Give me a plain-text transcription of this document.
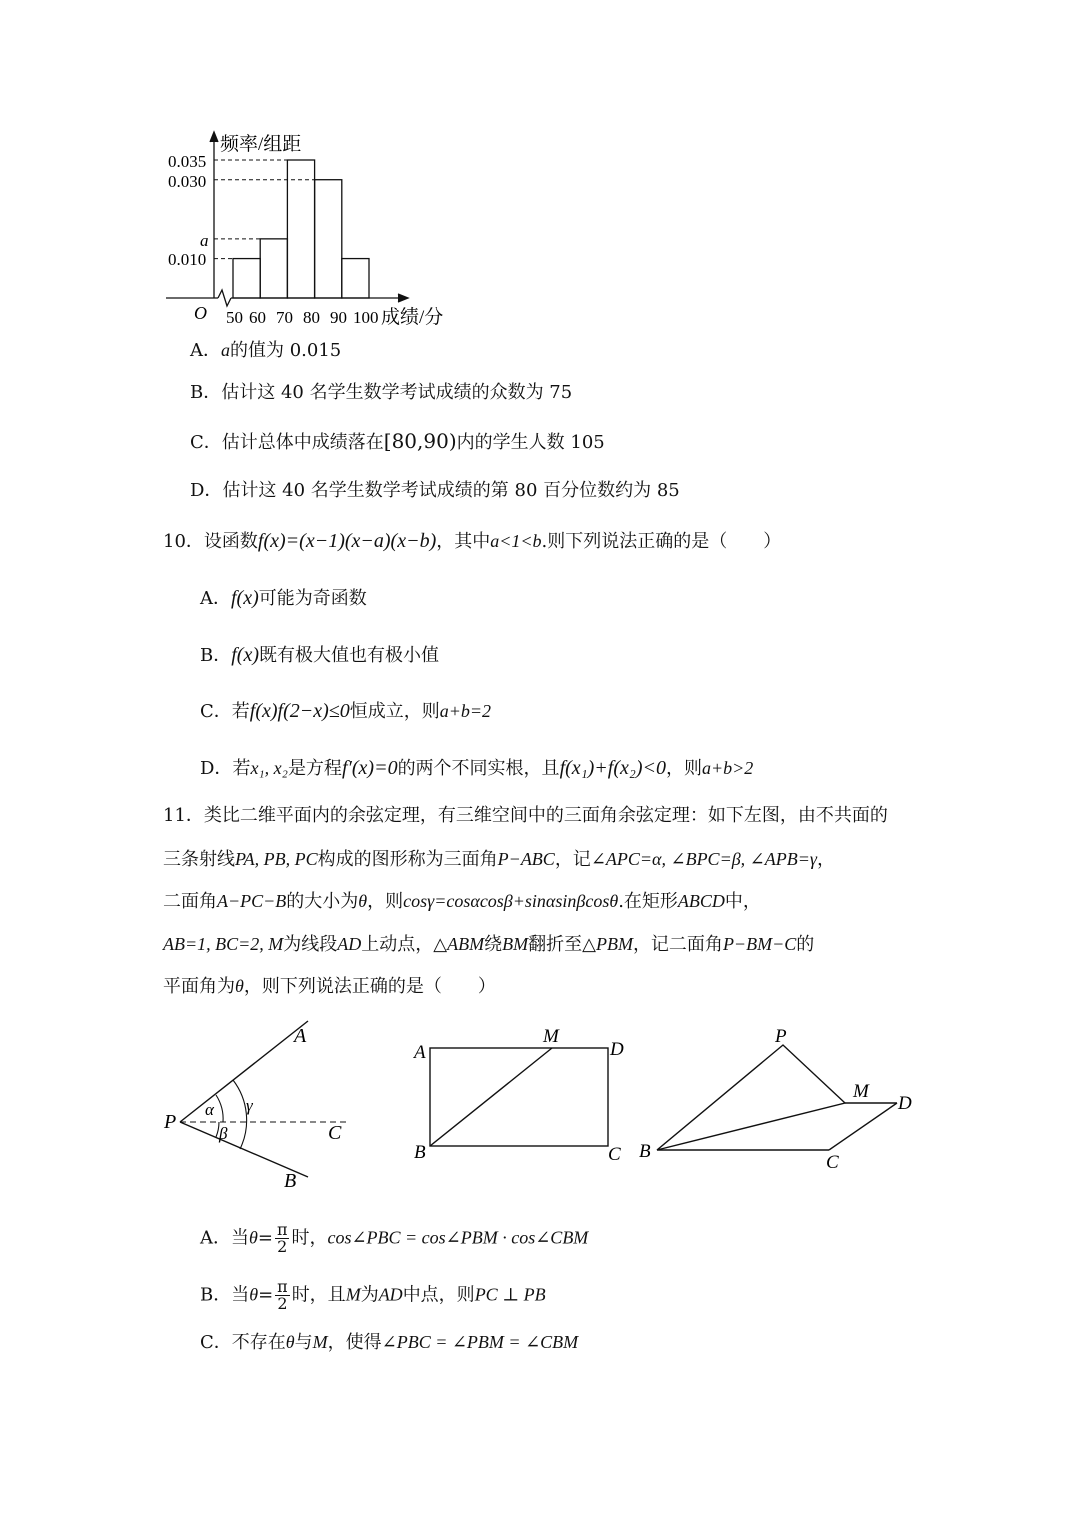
频率/组距
0.035
0.030
a
0.010
O 50 60 70 80 90 100 成绩/分
A．a的值为 0.015
B．估计这 40 名学生数学考试成绩的众数为 75
C．估计总体中成绩落在[80,90)内的学生人数 105
D．估计这 40 名学生数学考试成绩的第 80 百分位数约为 85
10．设函数f(x)=(x−1)(x−a)(x−b)，其中a<1<b.则下列说法正确的是（　　）
A．f(x)可能为奇函数
B．f(x)既有极大值也有极小值
C．若f(x)f(2−x)≤0恒成立，则a+b=2
D．若x₁, x₂是方程f′(x)=0的两个不同实根，且f(x₁)+f(x₂)<0，则a+b>2
11．类比二维平面内的余弦定理，有三维空间中的三面角余弦定理：如下左图，由不共面的
三条射线PA, PB, PC构成的图形称为三面角P−ABC，记∠APC=α, ∠BPC=β, ∠APB=γ，
二面角A−PC−B的大小为θ，则cosγ=cosαcosβ+sinαsinβcosθ.在矩形ABCD中，
AB=1, BC=2, M为线段AD上动点，△ABM绕BM翻折至△PBM，记二面角P−BM−C的
平面角为θ，则下列说法正确的是（　　）
A
P	C
B
α
β
γ
A
M
D
B	C
P
M
D
B
C
A．当$\theta= \frac{\pi}{2}$ 时，cos∠PBC = cos∠PBM · cos∠CBM
B．当$\theta= \frac{\pi}{2}$ 时，且M为AD中点，则PC ⊥ PB
C．不存在θ与M，使得∠PBC = ∠PBM = ∠CBM
